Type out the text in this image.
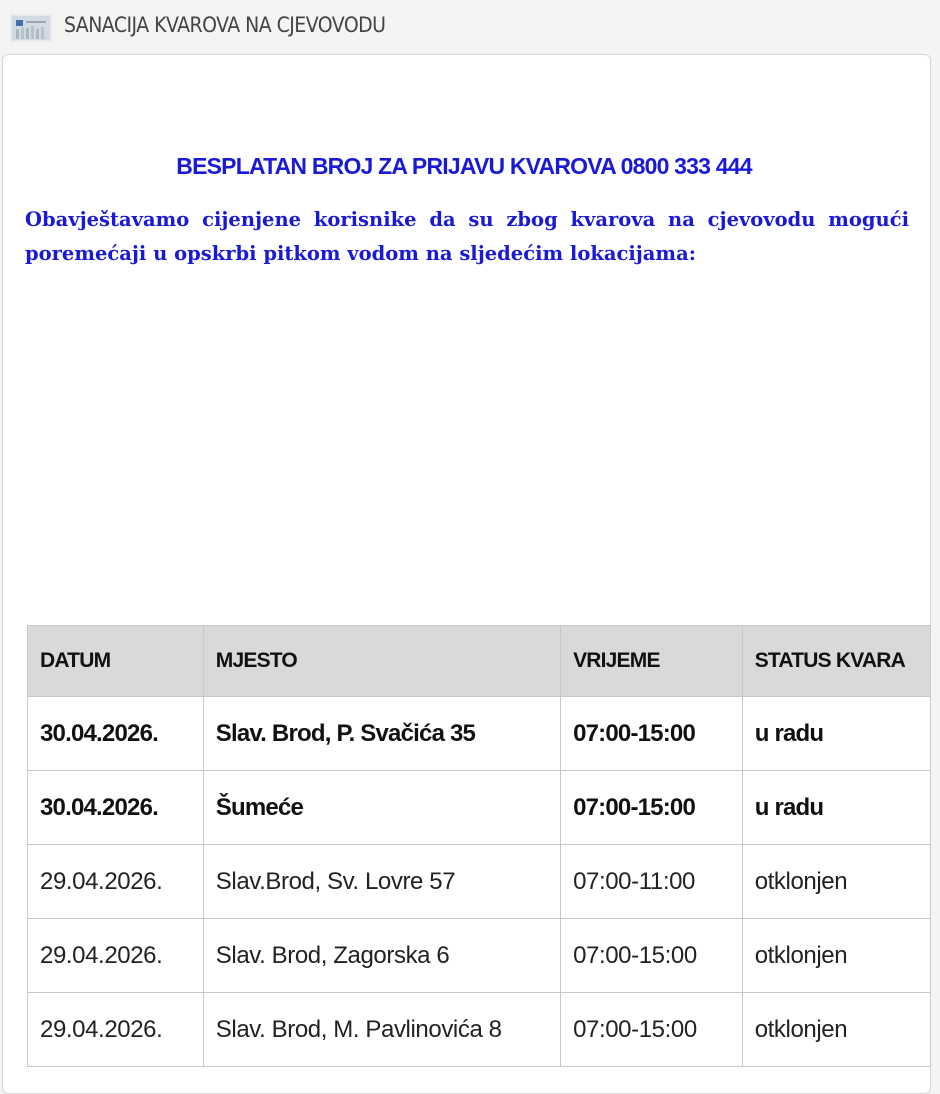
SANACIJA KVAROVA NA CJEVOVODU
BESPLATAN BROJ ZA PRIJAVU KVAROVA 0800 333 444
Obavještavamo cijenjene korisnike da su zbog kvarova na cjevovodu mogući poremećaji u opskrbi pitkom vodom na sljedećim lokacijama:
DATUM	MJESTO	VRIJEME	STATUS KVARA
30.04.2026.	Slav. Brod, P. Svačića 35	07:00-15:00	u radu
30.04.2026.	Šumeće	07:00-15:00	u radu
29.04.2026.	Slav.Brod, Sv. Lovre 57	07:00-11:00	otklonjen
29.04.2026.	Slav. Brod, Zagorska 6	07:00-15:00	otklonjen
29.04.2026.	Slav. Brod, M. Pavlinovića 8	07:00-15:00	otklonjen
